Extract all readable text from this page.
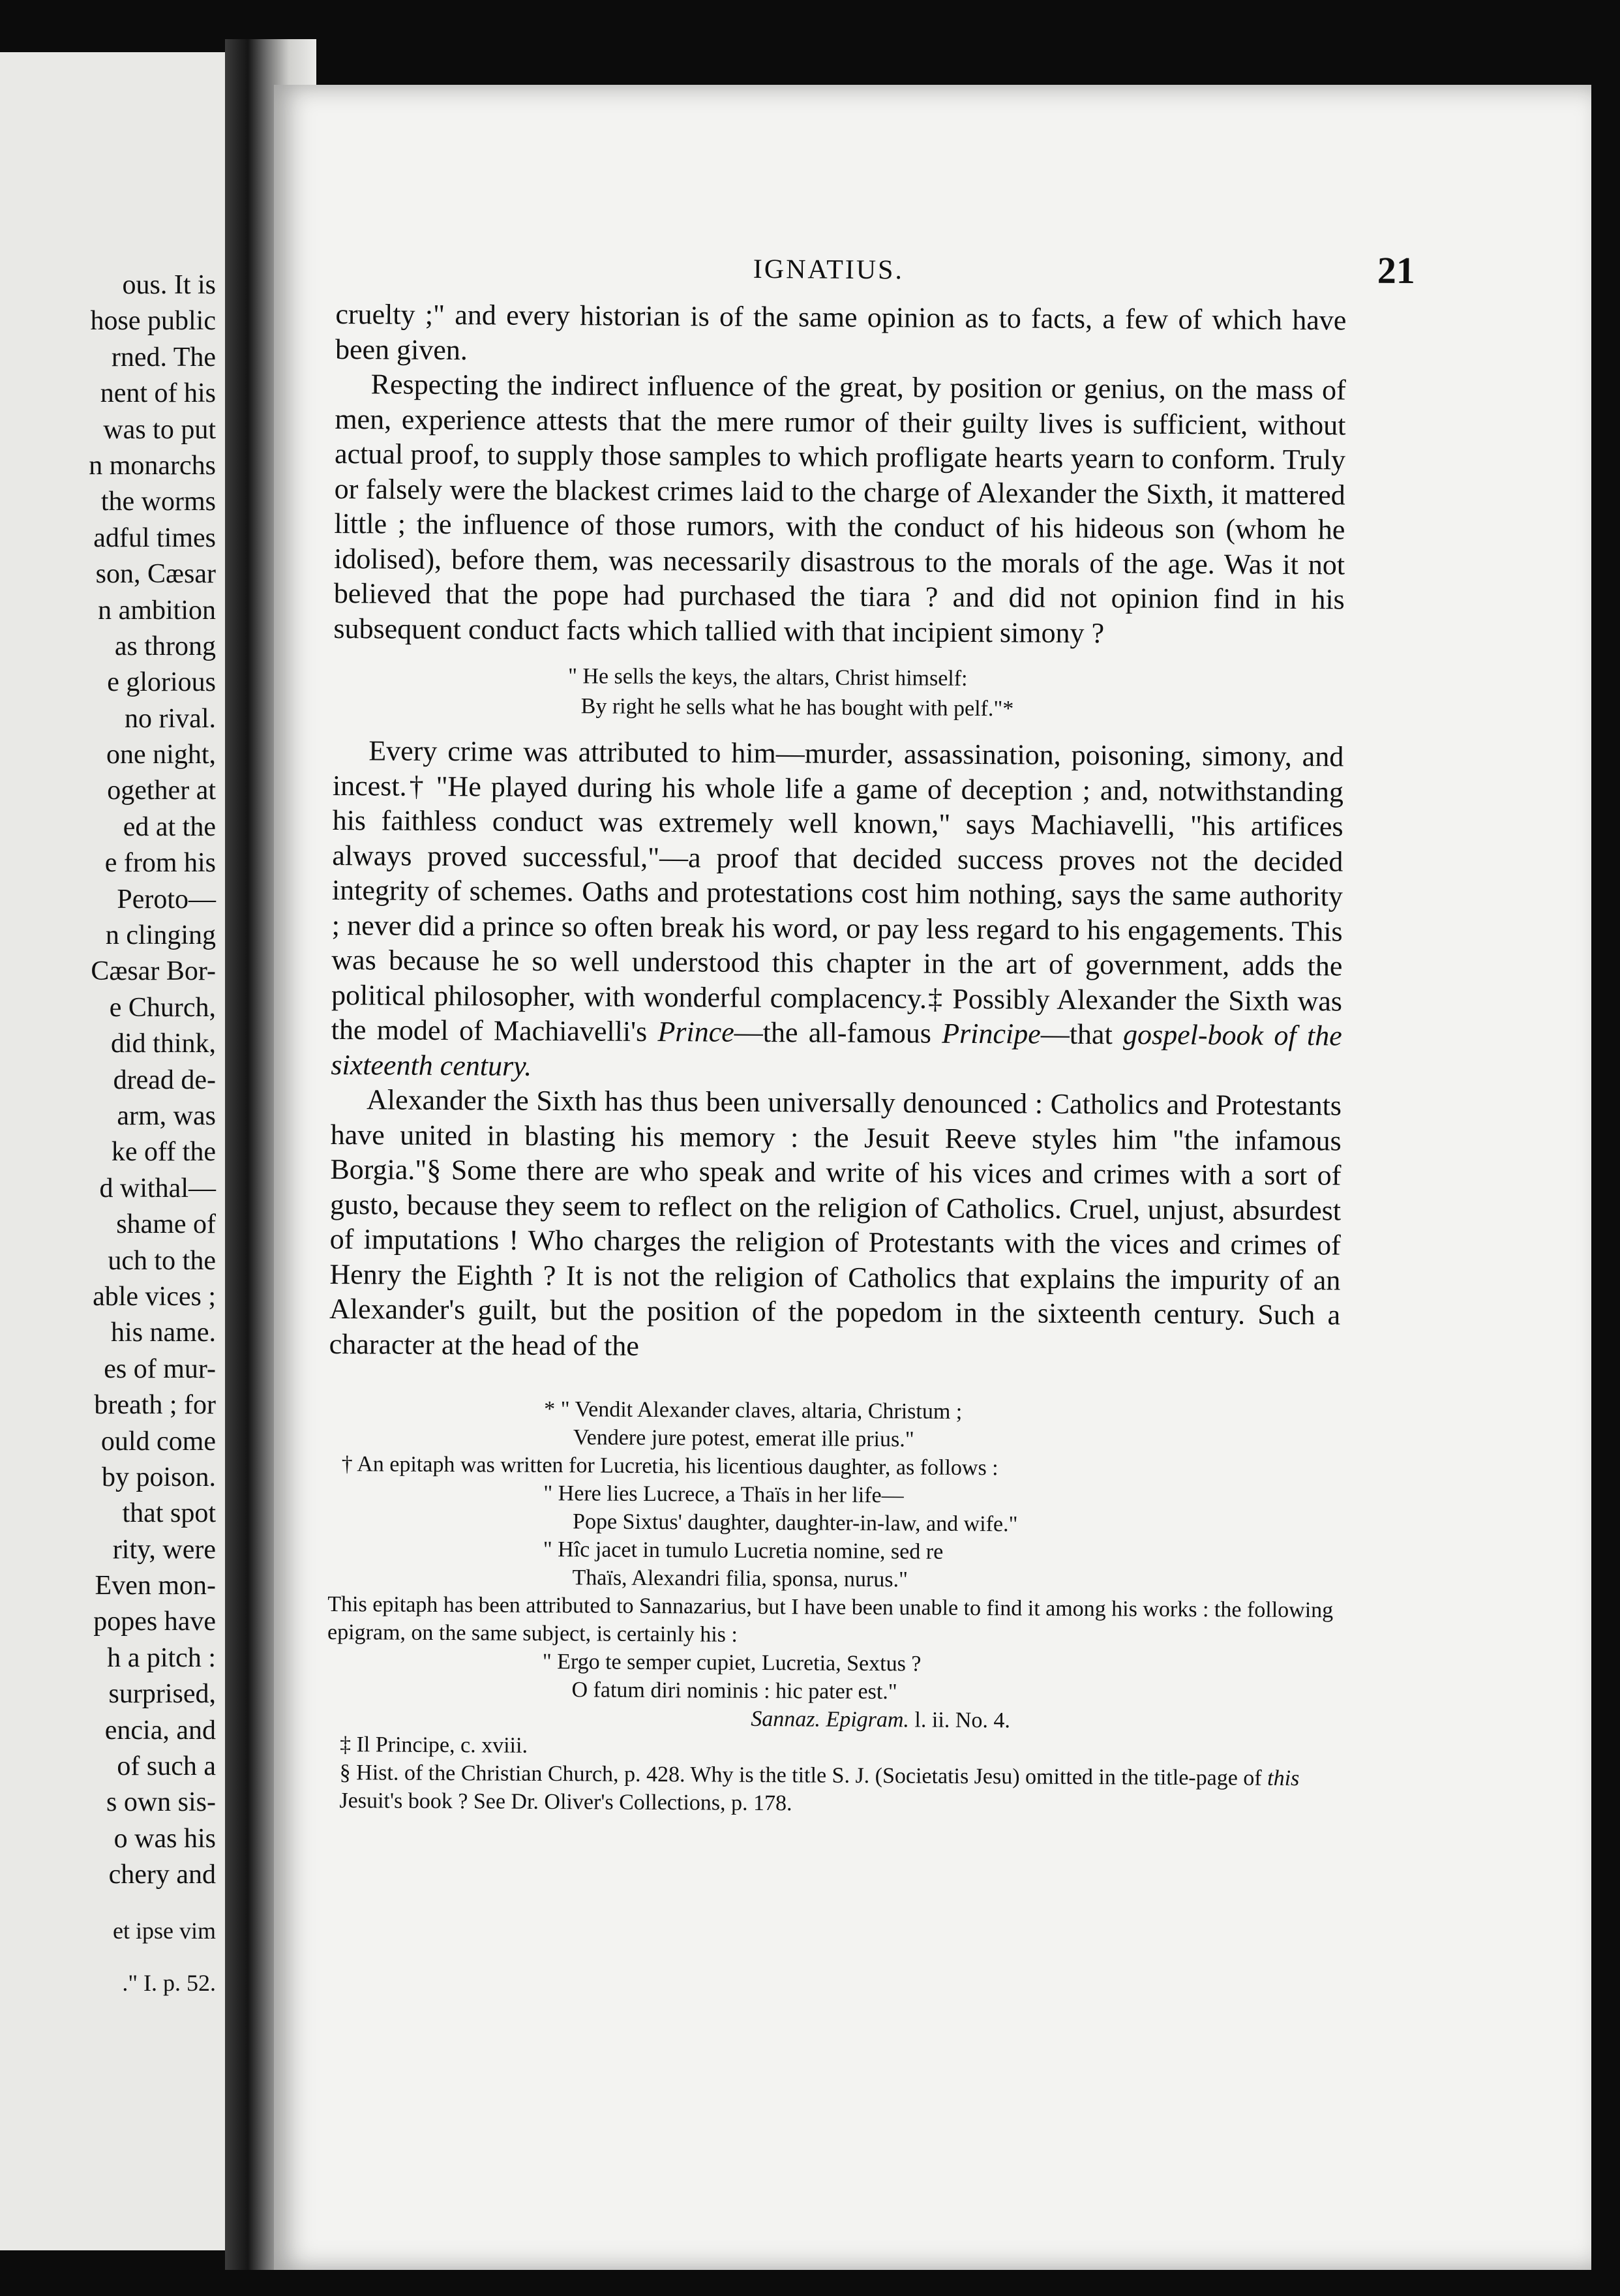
ous. It is
hose public
rned. The
nent of his
was to put
n monarchs
the worms
adful times
son, Cæsar
n ambition
as throng
e glorious
no rival.
one night,
ogether at
ed at the
e from his
Peroto—
n clinging
Cæsar Bor-
e Church,
did think,
dread de-
arm, was
ke off the
d withal—
shame of
uch to the
able vices ;
his name.
es of mur-
breath ; for
ould come
by poison.
that spot
rity, were
Even mon-
popes have
h a pitch :
surprised,
encia, and
of such a
s own sis-
o was his
chery and
et ipse vim
." I. p. 52.
IGNATIUS.	21

cruelty ;" and every historian is of the same opinion as to facts, a few of which have been given.

Respecting the indirect influence of the great, by position or genius, on the mass of men, experience attests that the mere rumor of their guilty lives is sufficient, without actual proof, to supply those samples to which profligate hearts yearn to conform. Truly or falsely were the blackest crimes laid to the charge of Alexander the Sixth, it mattered little ; the influence of those rumors, with the conduct of his hideous son (whom he idolised), before them, was necessarily disastrous to the morals of the age. Was it not believed that the pope had purchased the tiara ? and did not opinion find in his subsequent conduct facts which tallied with that incipient simony ?

" He sells the keys, the altars, Christ himself:
By right he sells what he has bought with pelf."*

Every crime was attributed to him—murder, assassination, poisoning, simony, and incest.† "He played during his whole life a game of deception ; and, notwithstanding his faithless conduct was extremely well known," says Machiavelli, "his artifices always proved successful,"—a proof that decided success proves not the decided integrity of schemes. Oaths and protestations cost him nothing, says the same authority ; never did a prince so often break his word, or pay less regard to his engagements. This was because he so well understood this chapter in the art of government, adds the political philosopher, with wonderful complacency.‡ Possibly Alexander the Sixth was the model of Machiavelli's Prince—the all-famous Principe—that gospel-book of the sixteenth century.

Alexander the Sixth has thus been universally denounced : Catholics and Protestants have united in blasting his memory : the Jesuit Reeve styles him "the infamous Borgia."§ Some there are who speak and write of his vices and crimes with a sort of gusto, because they seem to reflect on the religion of Catholics. Cruel, unjust, absurdest of imputations ! Who charges the religion of Protestants with the vices and crimes of Henry the Eighth ? It is not the religion of Catholics that explains the impurity of an Alexander's guilt, but the position of the popedom in the sixteenth century. Such a character at the head of the

* " Vendit Alexander claves, altaria, Christum ;
Vendere jure potest, emerat ille prius."
† An epitaph was written for Lucretia, his licentious daughter, as follows :
" Here lies Lucrece, a Thaïs in her life—
Pope Sixtus' daughter, daughter-in-law, and wife."
" Hîc jacet in tumulo Lucretia nomine, sed re
Thaïs, Alexandri filia, sponsa, nurus."
This epitaph has been attributed to Sannazarius, but I have been unable to find it among his works : the following epigram, on the same subject, is certainly his :
" Ergo te semper cupiet, Lucretia, Sextus ?
O fatum diri nominis : hic pater est."
Sannaz. Epigram. l. ii. No. 4.
‡ Il Principe, c. xviii.
§ Hist. of the Christian Church, p. 428. Why is the title S. J. (Societatis Jesu) omitted in the title-page of this Jesuit's book ? See Dr. Oliver's Collections, p. 178.
